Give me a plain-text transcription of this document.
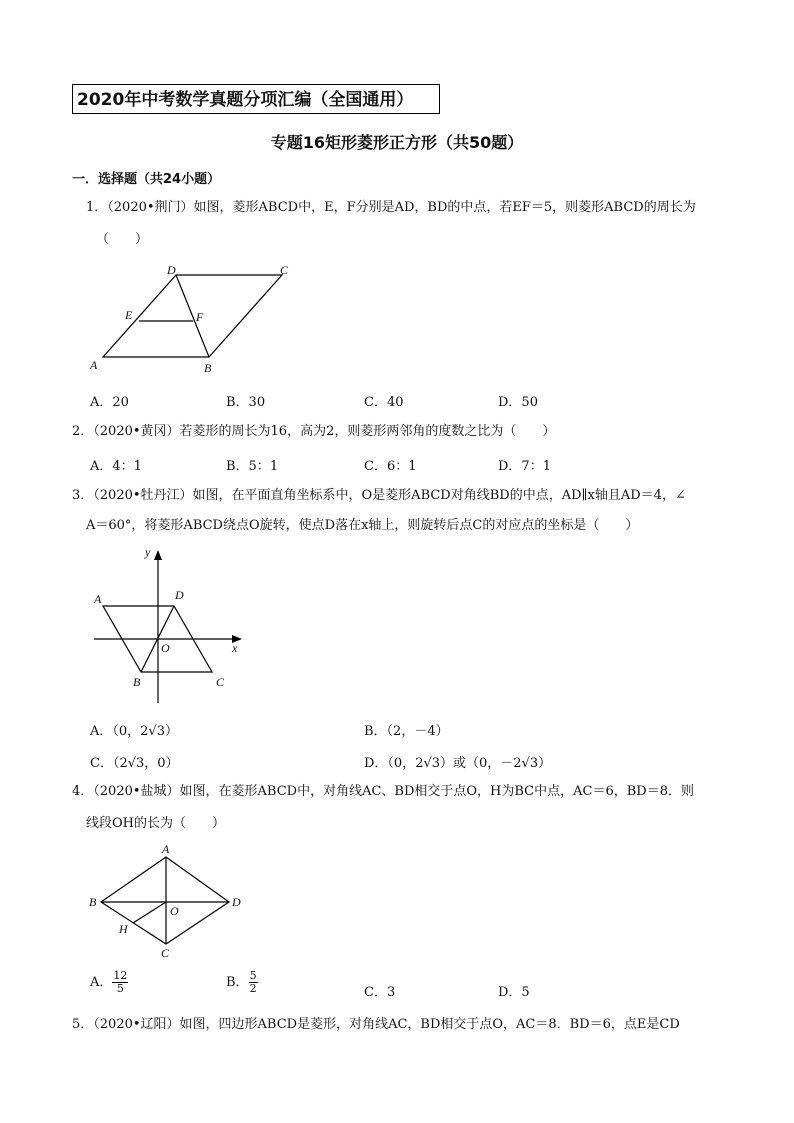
2020年中考数学真题分项汇编（全国通用）
专题16矩形菱形正方形（共50题）
一．选择题（共24小题）
1．（2020•荆门）如图，菱形ABCD中，E，F分别是AD，BD的中点，若EF＝5，则菱形ABCD的周长为
（　　）
D	C
E	F
A	B
A．20	B．30	C．40	D．50
2．（2020•黄冈）若菱形的周长为16，高为2，则菱形两邻角的度数之比为（　　）
A．4：1	B．5：1	C．6：1	D．7：1
3．（2020•牡丹江）如图，在平面直角坐标系中，O是菱形ABCD对角线BD的中点，AD∥x轴且AD＝4，∠
A＝60°，将菱形ABCD绕点O旋转，使点D落在x轴上，则旋转后点C的对应点的坐标是（　　）
y
A	D
O	x
B	C
A．（0，2√3）	B．（2，－4）
C．（2√3，0）	D．（0，2√3）或（0，－2√3）
4．（2020•盐城）如图，在菱形ABCD中，对角线AC、BD相交于点O，H为BC中点，AC＝6，BD＝8．则
线段OH的长为（　　）
A
B
O
D
H
C
A． $\frac{12}{5}$	B． $\frac{5}{2}$	C．3	D．5
5．（2020•辽阳）如图，四边形ABCD是菱形，对角线AC，BD相交于点O，AC＝8．BD＝6，点E是CD
